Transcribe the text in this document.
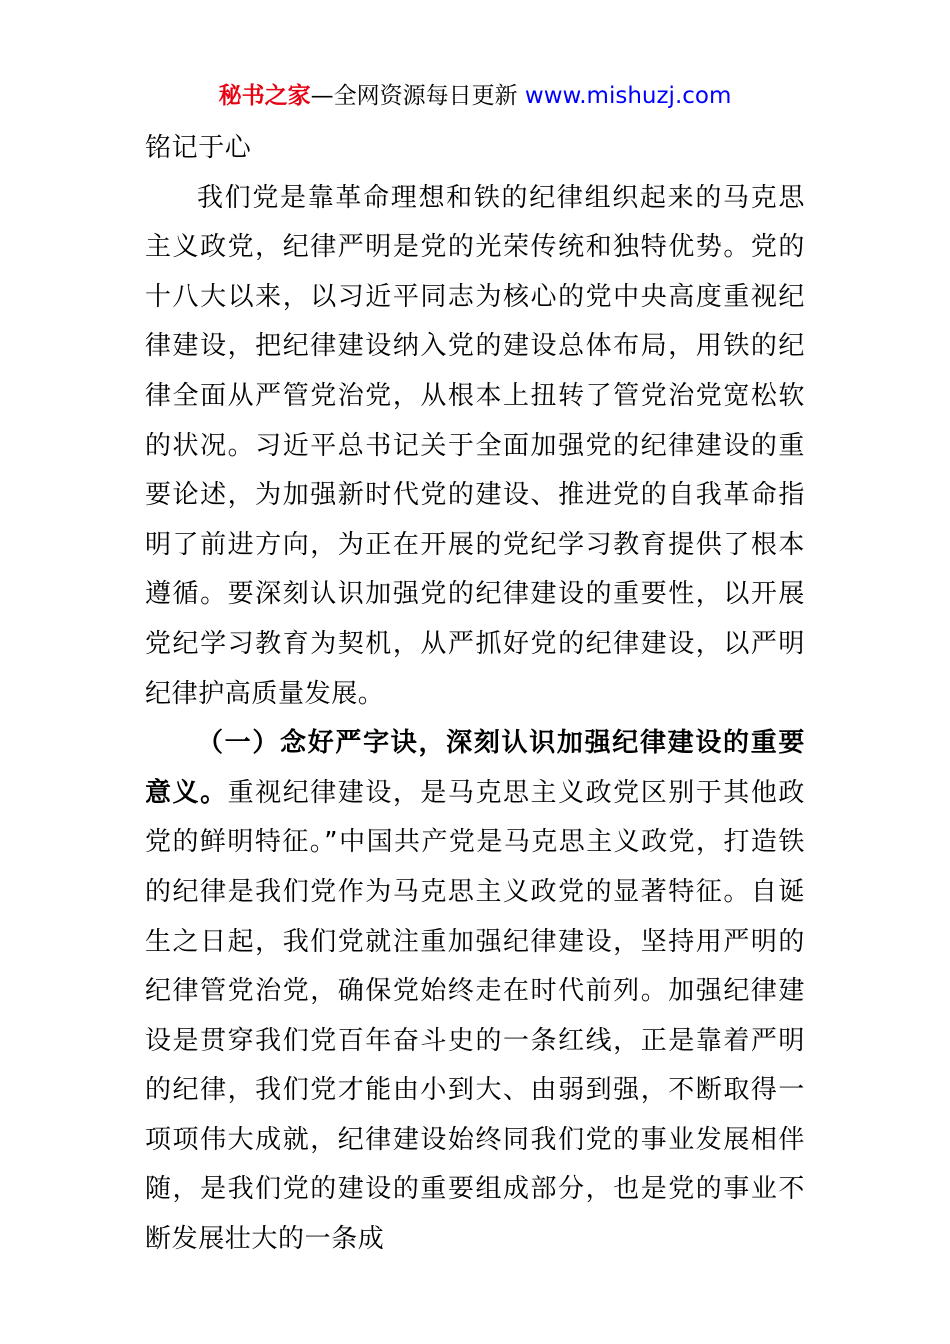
秘书之家—全网资源每日更新 www.mishuzj.com

铭记于心

我们党是靠革命理想和铁的纪律组织起来的马克思主义政党，纪律严明是党的光荣传统和独特优势。党的十八大以来，以习近平同志为核心的党中央高度重视纪律建设，把纪律建设纳入党的建设总体布局，用铁的纪律全面从严管党治党，从根本上扭转了管党治党宽松软的状况。习近平总书记关于全面加强党的纪律建设的重要论述，为加强新时代党的建设、推进党的自我革命指明了前进方向，为正在开展的党纪学习教育提供了根本遵循。要深刻认识加强党的纪律建设的重要性，以开展党纪学习教育为契机，从严抓好党的纪律建设，以严明纪律护高质量发展。

（一）念好严字诀，深刻认识加强纪律建设的重要意义。重视纪律建设，是马克思主义政党区别于其他政党的鲜明特征。”中国共产党是马克思主义政党，打造铁的纪律是我们党作为马克思主义政党的显著特征。自诞生之日起，我们党就注重加强纪律建设，坚持用严明的纪律管党治党，确保党始终走在时代前列。加强纪律建设是贯穿我们党百年奋斗史的一条红线，正是靠着严明的纪律，我们党才能由小到大、由弱到强，不断取得一项项伟大成就，纪律建设始终同我们党的事业发展相伴随，是我们党的建设的重要组成部分，也是党的事业不断发展壮大的一条成
